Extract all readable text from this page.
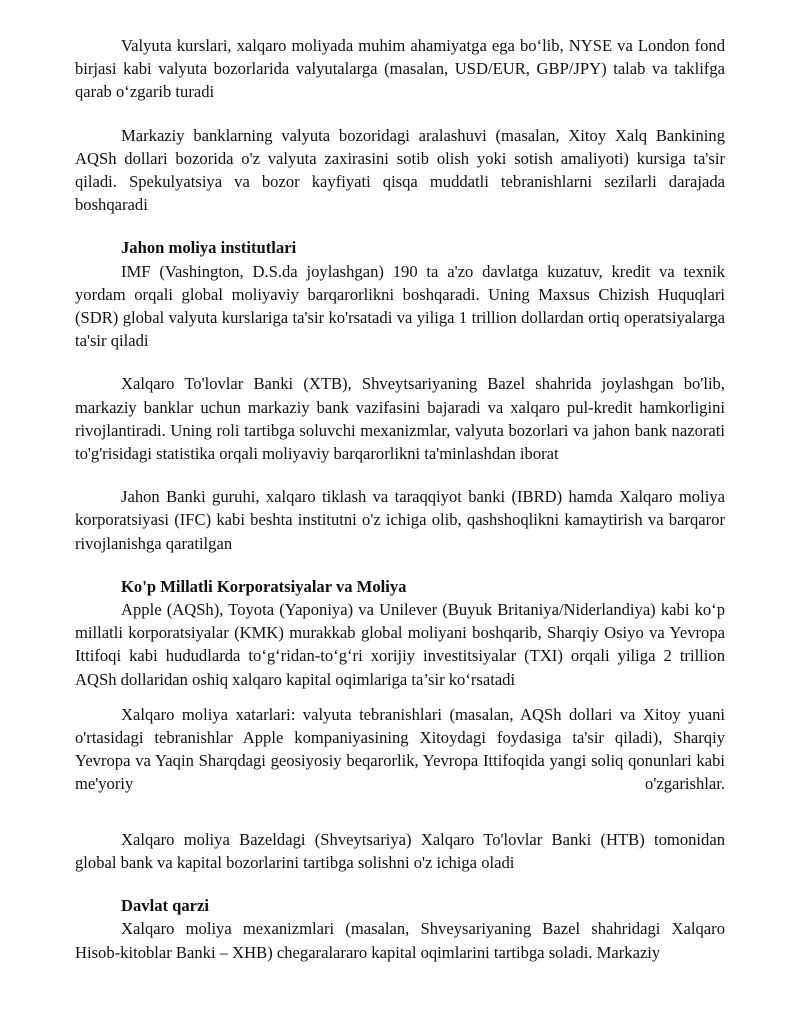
Valyuta kurslari, xalqaro moliyada muhim ahamiyatga ega bo‘lib, NYSE va London fond birjasi kabi valyuta bozorlarida valyutalarga (masalan, USD/EUR, GBP/JPY) talab va taklifga qarab o‘zgarib turadi

Markaziy banklarning valyuta bozoridagi aralashuvi (masalan, Xitoy Xalq Bankining AQSh dollari bozorida o'z valyuta zaxirasini sotib olish yoki sotish amaliyoti) kursiga ta'sir qiladi. Spekulyatsiya va bozor kayfiyati qisqa muddatli tebranishlarni sezilarli darajada boshqaradi

Jahon moliya institutlari

IMF (Vashington, D.S.da joylashgan) 190 ta a'zo davlatga kuzatuv, kredit va texnik yordam orqali global moliyaviy barqarorlikni boshqaradi. Uning Maxsus Chizish Huquqlari (SDR) global valyuta kurslariga ta'sir ko'rsatadi va yiliga 1 trillion dollardan ortiq operatsiyalarga ta'sir qiladi

Xalqaro To'lovlar Banki (XTB), Shveytsariyaning Bazel shahrida joylashgan bo'lib, markaziy banklar uchun markaziy bank vazifasini bajaradi va xalqaro pul-kredit hamkorligini rivojlantiradi. Uning roli tartibga soluvchi mexanizmlar, valyuta bozorlari va jahon bank nazorati to'g'risidagi statistika orqali moliyaviy barqarorlikni ta'minlashdan iborat

Jahon Banki guruhi, xalqaro tiklash va taraqqiyot banki (IBRD) hamda Xalqaro moliya korporatsiyasi (IFC) kabi beshta institutni o'z ichiga olib, qashshoqlikni kamaytirish va barqaror rivojlanishga qaratilgan

Ko'p Millatli Korporatsiyalar va Moliya

Apple (AQSh), Toyota (Yaponiya) va Unilever (Buyuk Britaniya/Niderlandiya) kabi ko‘p millatli korporatsiyalar (KMK) murakkab global moliyani boshqarib, Sharqiy Osiyo va Yevropa Ittifoqi kabi hududlarda to‘g‘ridan-to‘g‘ri xorijiy investitsiyalar (TXI) orqali yiliga 2 trillion AQSh dollaridan oshiq xalqaro kapital oqimlariga ta’sir ko‘rsatadi

Xalqaro moliya xatarlari: valyuta tebranishlari (masalan, AQSh dollari va Xitoy yuani o'rtasidagi tebranishlar Apple kompaniyasining Xitoydagi foydasiga ta'sir qiladi), Sharqiy Yevropa va Yaqin Sharqdagi geosiyosiy beqarorlik, Yevropa Ittifoqida yangi soliq qonunlari kabi me'yoriy o'zgarishlar.

Xalqaro moliya Bazeldagi (Shveytsariya) Xalqaro To'lovlar Banki (HTB) tomonidan global bank va kapital bozorlarini tartibga solishni o'z ichiga oladi

Davlat qarzi

Xalqaro moliya mexanizmlari (masalan, Shveysariyaning Bazel shahridagi Xalqaro Hisob-kitoblar Banki – XHB) chegaralararo kapital oqimlarini tartibga soladi. Markaziy
